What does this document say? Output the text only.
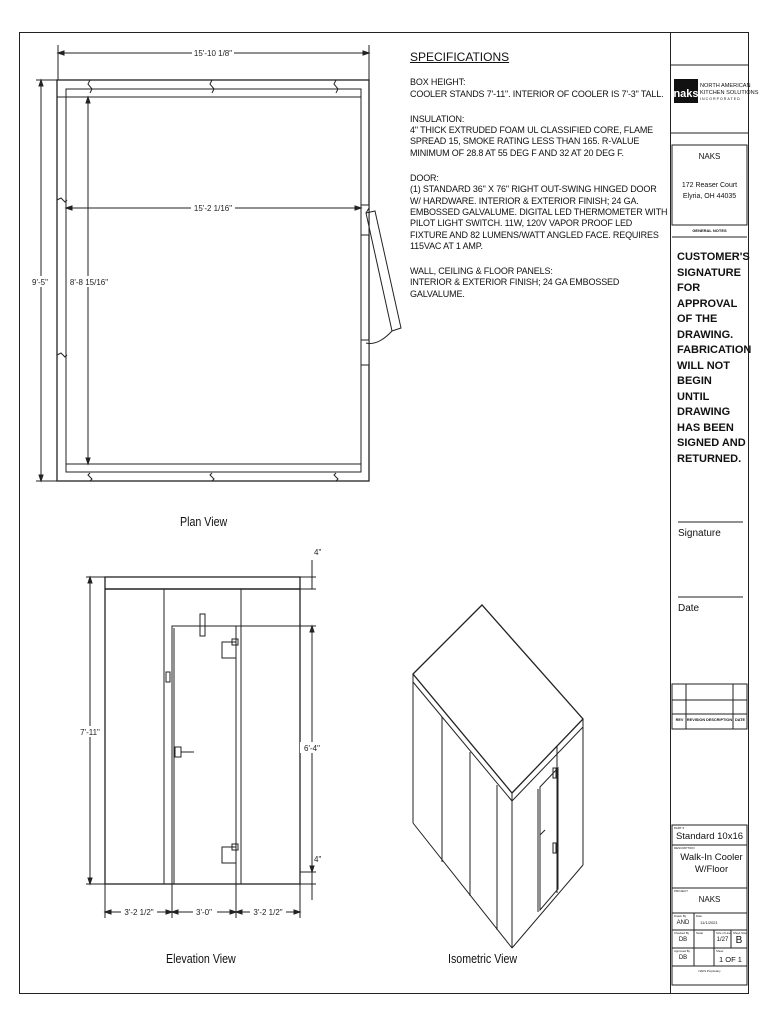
15'-10 1/8"
15'-2 1/16"
9'-5"	8'-8 15/16"
4"
4"
6'-4"
7'-11"
3'-2 1/2"	3'-0"	3'-2 1/2"
naks
NORTH AMERICAN
KITCHEN SOLUTIONS
INCORPORATED
Plan View
Elevation View	Isometric View
SPECIFICATIONS
BOX HEIGHT:
COOLER STANDS 7'-11". INTERIOR OF COOLER IS 7'-3" TALL.
INSULATION:
4" THICK EXTRUDED FOAM UL CLASSIFIED CORE, FLAME SPREAD 15, SMOKE RATING LESS THAN 165. R-VALUE MINIMUM OF 28.8 AT 55 DEG F AND 32 AT 20 DEG F.
DOOR:
(1) STANDARD 36" X 76" RIGHT OUT-SWING HINGED DOOR W/ HARDWARE. INTERIOR & EXTERIOR FINISH; 24 GA. EMBOSSED GALVALUME. DIGITAL LED THERMOMETER WITH PILOT LIGHT SWITCH. 11W, 120V VAPOR PROOF LED FIXTURE AND 82 LUMENS/WATT ANGLED FACE. REQUIRES 115VAC AT 1 AMP.
WALL, CEILING & FLOOR PANELS:
INTERIOR & EXTERIOR FINISH; 24 GA EMBOSSED GALVALUME.
NAKS
172 Reaser Court
Elyria, OH 44035
GENERAL NOTES
CUSTOMER'S SIGNATURE FOR APPROVAL OF THE DRAWING. FABRICATION WILL NOT BEGIN UNTIL DRAWING HAS BEEN SIGNED AND RETURNED.
Signature
Date
REV REVISION DESCRIPTION DATE
PART #
Standard 10x16
DESCRIPTION
Walk-In Cooler W/Floor
PROJECT
NAKS
Drawn By
AND
Date
11/1/2021
Checked By
DB
Scale	Size of Line
1/27
Sheet Size
B
Approved By
DB
Sheet
1 OF 1
NAKS Proprietary
